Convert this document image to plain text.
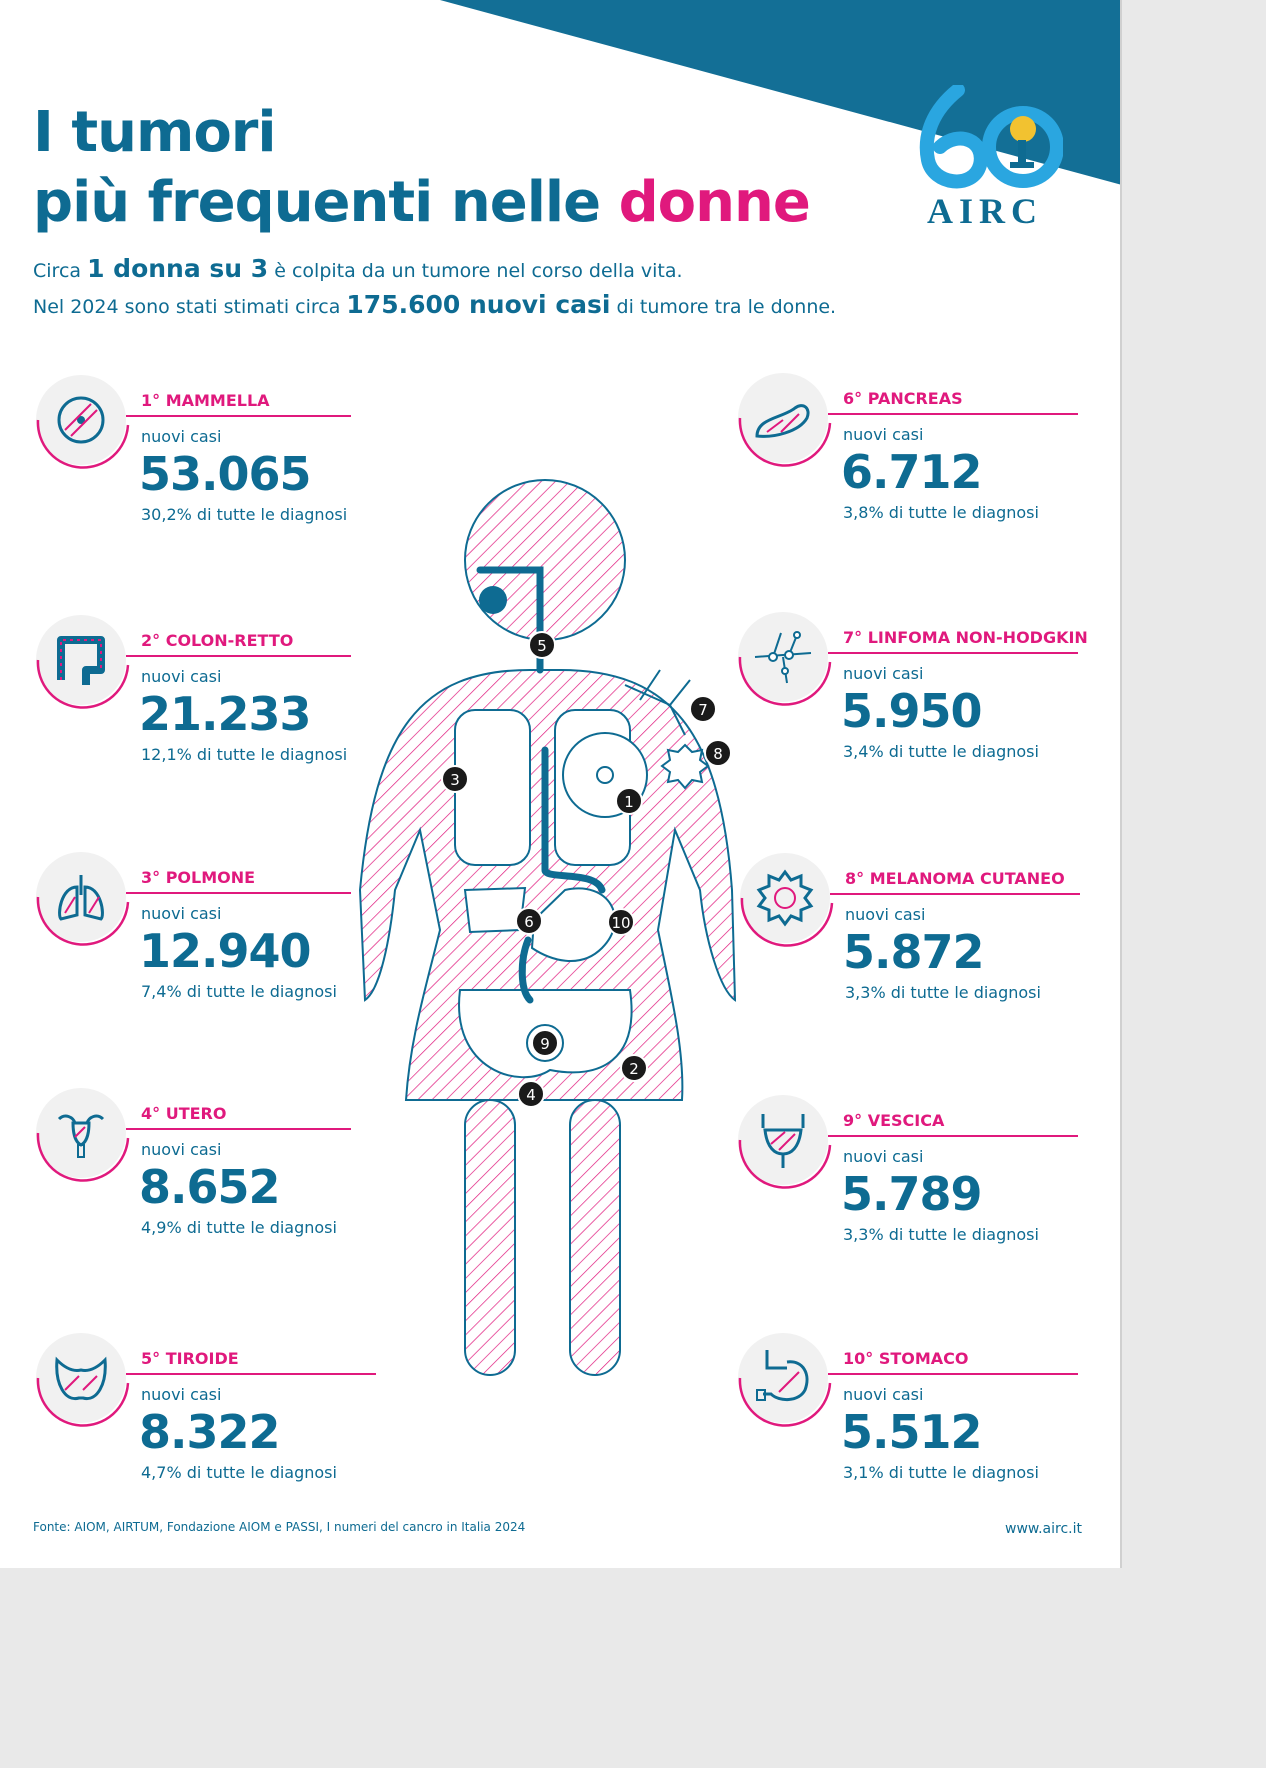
AIRC
I tumori
più frequenti nelle donne
Circa 1 donna su 3 è colpita da un tumore nel corso della vita.
Nel 2024 sono stati stimati circa 175.600 nuovi casi di tumore tra le donne.
1° MAMMELLA
nuovi casi
53.065
30,2% di tutte le diagnosi
2° COLON-RETTO
nuovi casi
21.233
12,1% di tutte le diagnosi
3° POLMONE
nuovi casi
12.940
7,4% di tutte le diagnosi
4° UTERO
nuovi casi
8.652
4,9% di tutte le diagnosi
5° TIROIDE
nuovi casi
8.322
4,7% di tutte le diagnosi
6° PANCREAS
nuovi casi
6.712
3,8% di tutte le diagnosi
7° LINFOMA NON-HODGKIN
nuovi casi
5.950
3,4% di tutte le diagnosi
8° MELANOMA CUTANEO
nuovi casi
5.872
3,3% di tutte le diagnosi
9° VESCICA
nuovi casi
5.789
3,3% di tutte le diagnosi
10° STOMACO
nuovi casi
5.512
3,1% di tutte le diagnosi
1
2
3
4
5
6
7
8
9
10
Fonte: AIOM, AIRTUM, Fondazione AIOM e PASSI, I numeri del cancro in Italia 2024	www.airc.it
